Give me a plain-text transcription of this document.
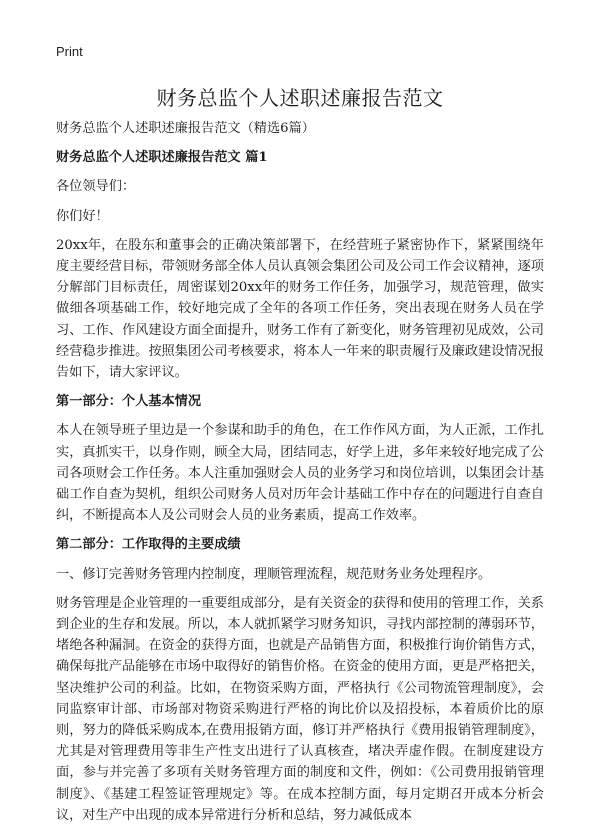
Print
财务总监个人述职述廉报告范文

财务总监个人述职述廉报告范文（精选6篇）

财务总监个人述职述廉报告范文 篇1

各位领导们：

你们好！

20xx年，在股东和董事会的正确决策部署下，在经营班子紧密协作下，紧紧围绕年度主要经营目标，带领财务部全体人员认真领会集团公司及公司工作会议精神，逐项分解部门目标责任，周密谋划20xx年的财务工作任务，加强学习，规范管理，做实做细各项基础工作，较好地完成了全年的各项工作任务，突出表现在财务人员在学习、工作、作风建设方面全面提升，财务工作有了新变化，财务管理初见成效，公司经营稳步推进。按照集团公司考核要求，将本人一年来的职责履行及廉政建设情况报告如下，请大家评议。

第一部分：个人基本情况

本人在领导班子里边是一个参谋和助手的角色，在工作作风方面，为人正派，工作扎实，真抓实干，以身作则，顾全大局，团结同志，好学上进，多年来较好地完成了公司各项财会工作任务。本人注重加强财会人员的业务学习和岗位培训，以集团会计基础工作自查为契机，组织公司财务人员对历年会计基础工作中存在的问题进行自查自纠，不断提高本人及公司财会人员的业务素质，提高工作效率。

第二部分：工作取得的主要成绩

一、修订完善财务管理内控制度，理顺管理流程，规范财务业务处理程序。

财务管理是企业管理的一重要组成部分，是有关资金的获得和使用的管理工作，关系到企业的生存和发展。所以，本人就抓紧学习财务知识，寻找内部控制的薄弱环节，堵绝各种漏洞。在资金的获得方面，也就是产品销售方面，积极推行询价销售方式，确保每批产品能够在市场中取得好的销售价格。在资金的使用方面，更是严格把关，坚决维护公司的利益。比如，在物资采购方面，严格执行《公司物流管理制度》，会同监察审计部、市场部对物资采购进行严格的询比价以及招投标，本着质价比的原则，努力的降低采购成本,在费用报销方面，修订并严格执行《费用报销管理制度》，尤其是对管理费用等非生产性支出进行了认真核查，堵决弄虚作假。在制度建设方面，参与并完善了多项有关财务管理方面的制度和文件，例如：《公司费用报销管理制度》、《基建工程签证管理规定》等。在成本控制方面，每月定期召开成本分析会议，对生产中出现的成本异常进行分析和总结，努力减低成本
